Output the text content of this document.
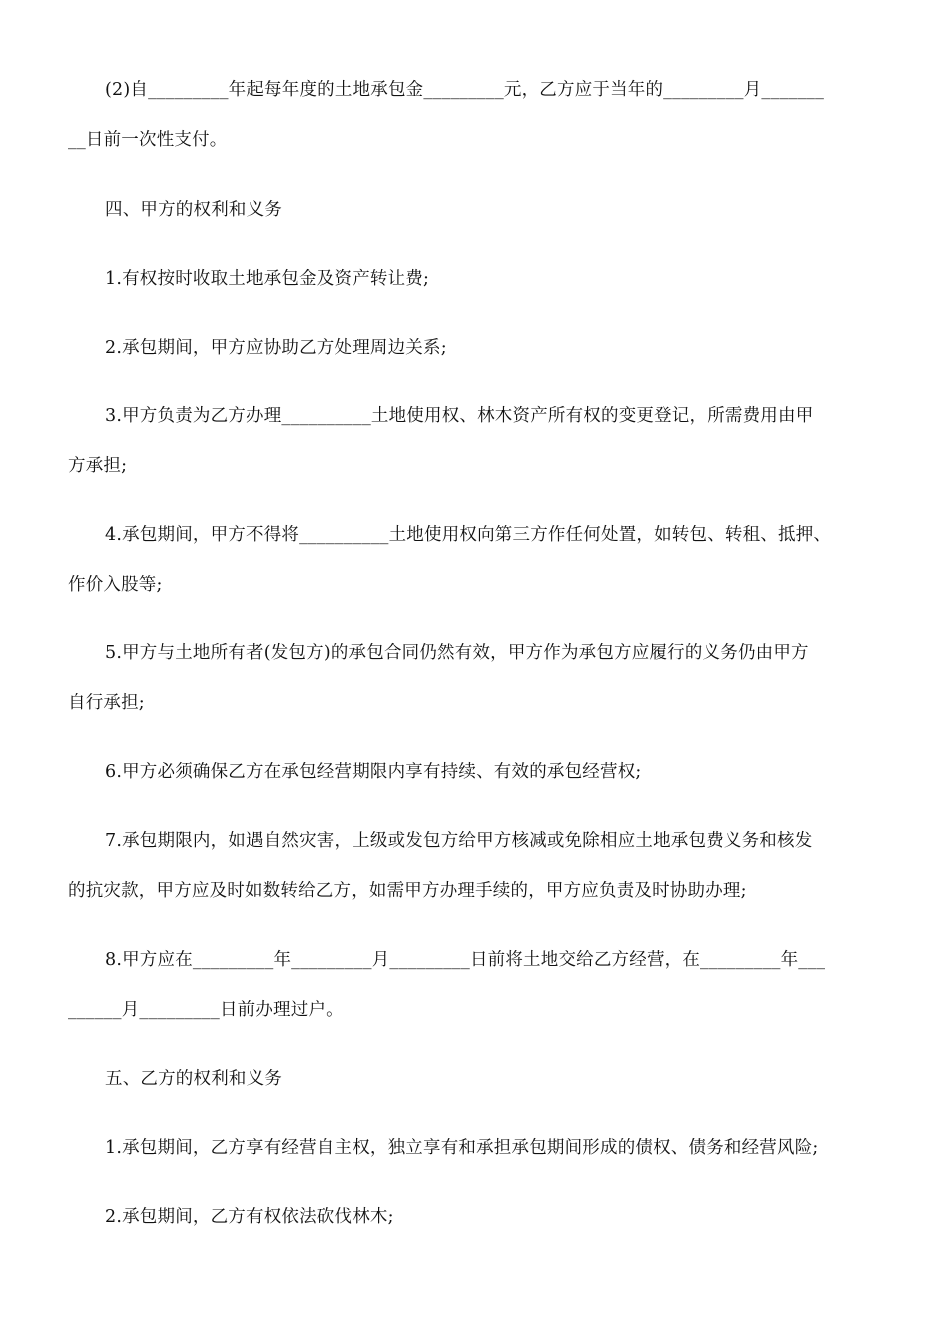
(2)自_________年起每年度的土地承包金_________元，乙方应于当年的_________月_______
__日前一次性支付。
四、甲方的权利和义务
1.有权按时收取土地承包金及资产转让费;
2.承包期间，甲方应协助乙方处理周边关系;
3.甲方负责为乙方办理__________土地使用权、林木资产所有权的变更登记，所需费用由甲
方承担;
4.承包期间，甲方不得将__________土地使用权向第三方作任何处置，如转包、转租、抵押、
作价入股等;
5.甲方与土地所有者(发包方)的承包合同仍然有效，甲方作为承包方应履行的义务仍由甲方
自行承担;
6.甲方必须确保乙方在承包经营期限内享有持续、有效的承包经营权;
7.承包期限内，如遇自然灾害，上级或发包方给甲方核减或免除相应土地承包费义务和核发
的抗灾款，甲方应及时如数转给乙方，如需甲方办理手续的，甲方应负责及时协助办理;
8.甲方应在_________年_________月_________日前将土地交给乙方经营，在_________年___
______月_________日前办理过户。
五、乙方的权利和义务
1.承包期间，乙方享有经营自主权，独立享有和承担承包期间形成的债权、债务和经营风险;
2.承包期间，乙方有权依法砍伐林木;
